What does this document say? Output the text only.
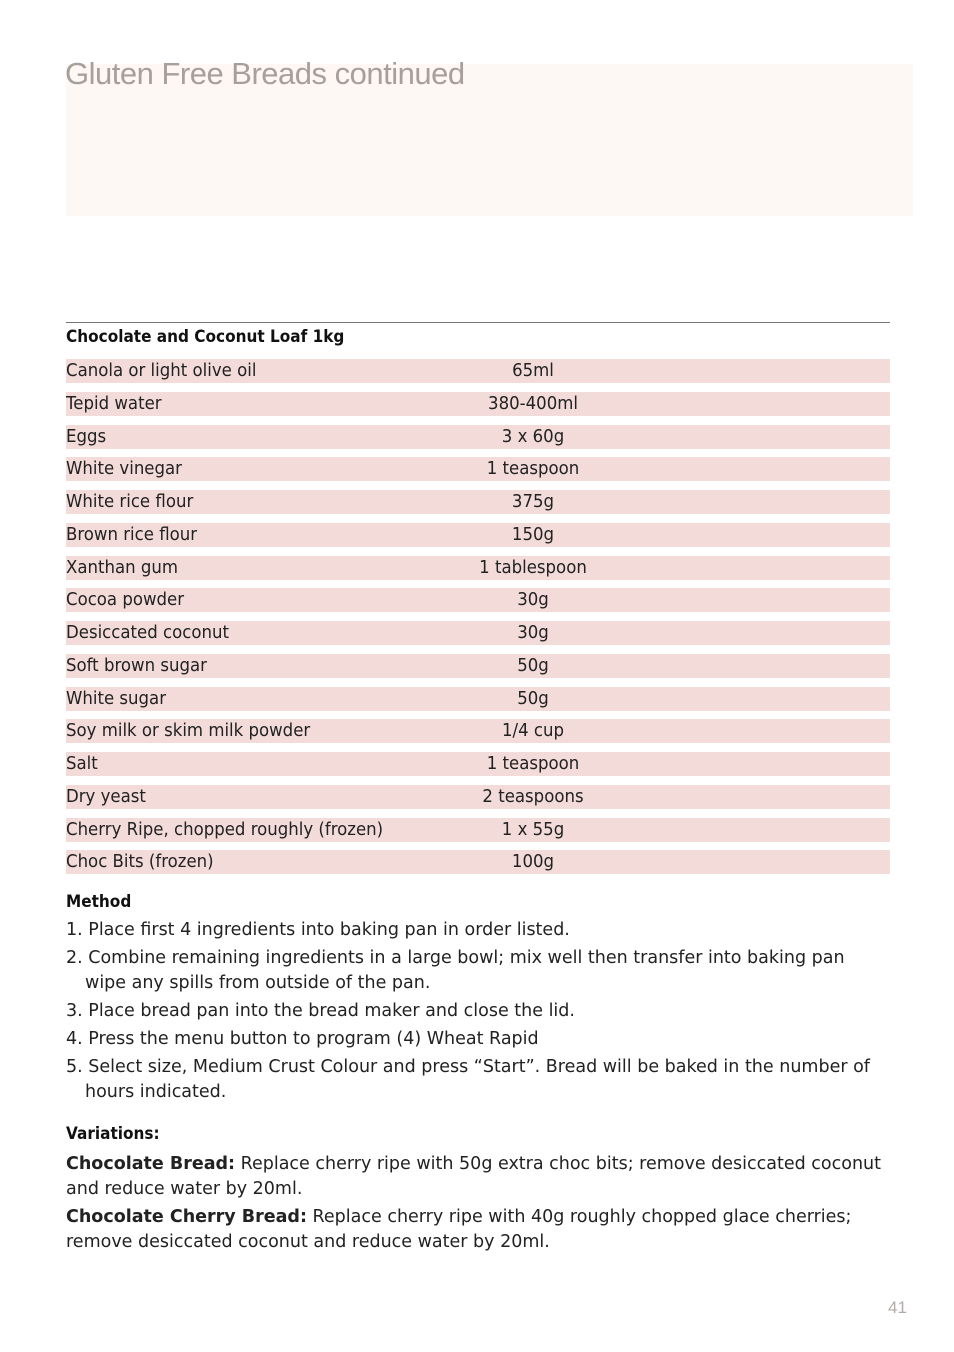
Gluten Free Breads continued
Chocolate and Coconut Loaf 1kg
Canola or light olive oil	65ml
Tepid water	380-400ml
Eggs	3 x 60g
White vinegar	1 teaspoon
White rice flour	375g
Brown rice flour	150g
Xanthan gum	1 tablespoon
Cocoa powder	30g
Desiccated coconut	30g
Soft brown sugar	50g
White sugar	50g
Soy milk or skim milk powder	1/4 cup
Salt	1 teaspoon
Dry yeast	2 teaspoons
Cherry Ripe, chopped roughly (frozen)	1 x 55g
Choc Bits (frozen)	100g
Method
1. Place first 4 ingredients into baking pan in order listed.
2. Combine remaining ingredients in a large bowl; mix well then transfer into baking pan wipe any spills from outside of the pan.
3. Place bread pan into the bread maker and close the lid.
4. Press the menu button to program (4) Wheat Rapid
5. Select size, Medium Crust Colour and press “Start”. Bread will be baked in the number of hours indicated.
Variations:

Chocolate Bread: Replace cherry ripe with 50g extra choc bits; remove desiccated coconut and reduce water by 20ml.

Chocolate Cherry Bread: Replace cherry ripe with 40g roughly chopped glace cherries; remove desiccated coconut and reduce water by 20ml.

41
